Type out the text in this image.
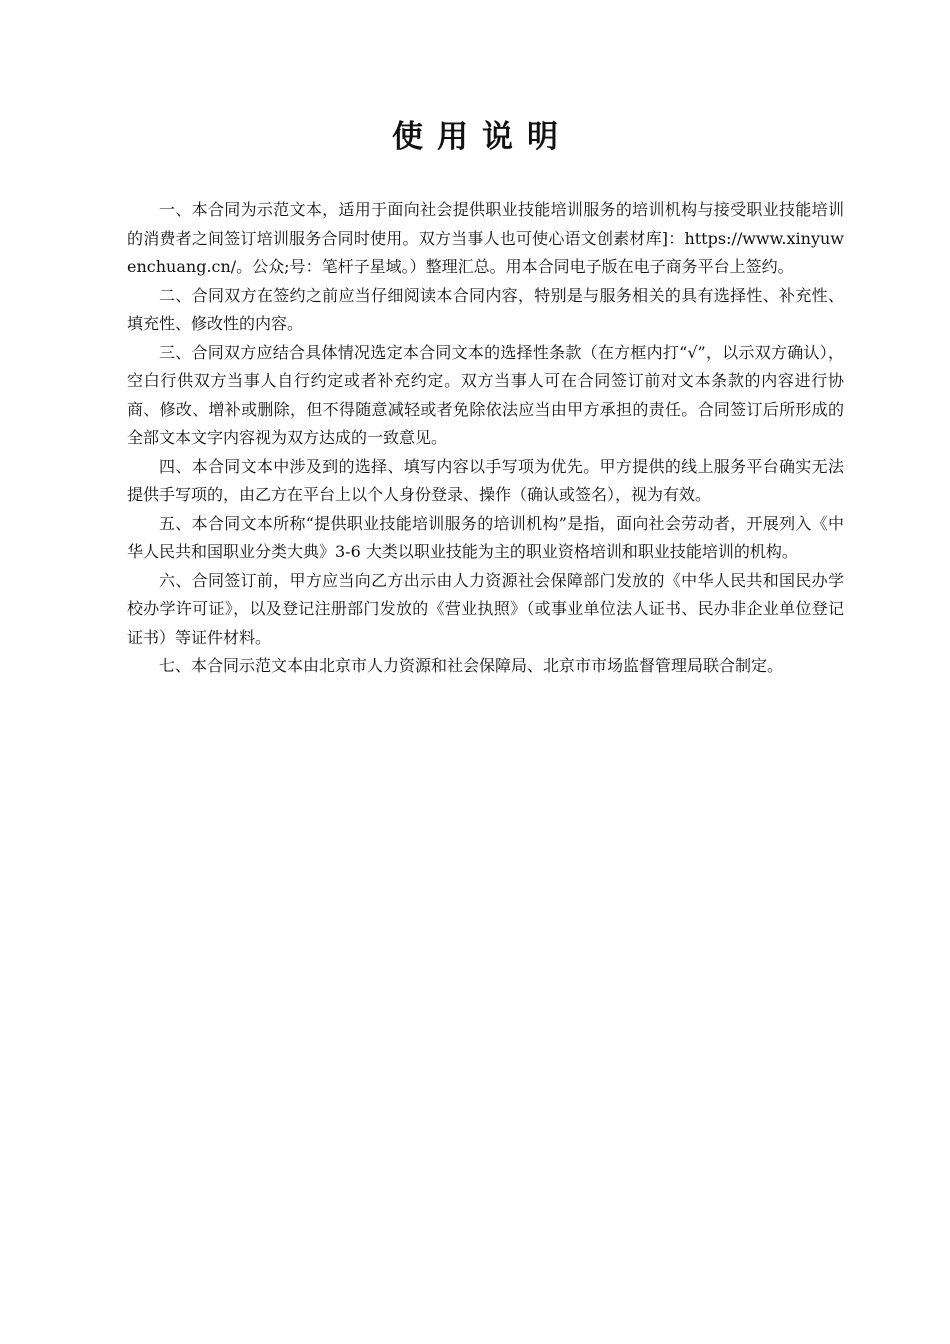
使用说明

一、本合同为示范文本，适用于面向社会提供职业技能培训服务的培训机构与接受职业技能培训的消费者之间签订培训服务合同时使用。双方当事人也可使心语文创素材库]：https://www.xinyuwenchuang.cn/。公众;号：笔杆子星域。）整理汇总。用本合同电子版在电子商务平台上签约。

二、合同双方在签约之前应当仔细阅读本合同内容，特别是与服务相关的具有选择性、补充性、填充性、修改性的内容。

三、合同双方应结合具体情况选定本合同文本的选择性条款（在方框内打“√”，以示双方确认），空白行供双方当事人自行约定或者补充约定。双方当事人可在合同签订前对文本条款的内容进行协商、修改、增补或删除，但不得随意减轻或者免除依法应当由甲方承担的责任。合同签订后所形成的全部文本文字内容视为双方达成的一致意见。

四、本合同文本中涉及到的选择、填写内容以手写项为优先。甲方提供的线上服务平台确实无法提供手写项的，由乙方在平台上以个人身份登录、操作（确认或签名），视为有效。

五、本合同文本所称“提供职业技能培训服务的培训机构”是指，面向社会劳动者，开展列入《中华人民共和国职业分类大典》3-6 大类以职业技能为主的职业资格培训和职业技能培训的机构。

六、合同签订前，甲方应当向乙方出示由人力资源社会保障部门发放的《中华人民共和国民办学校办学许可证》，以及登记注册部门发放的《营业执照》（或事业单位法人证书、民办非企业单位登记证书）等证件材料。

七、本合同示范文本由北京市人力资源和社会保障局、北京市市场监督管理局联合制定。
